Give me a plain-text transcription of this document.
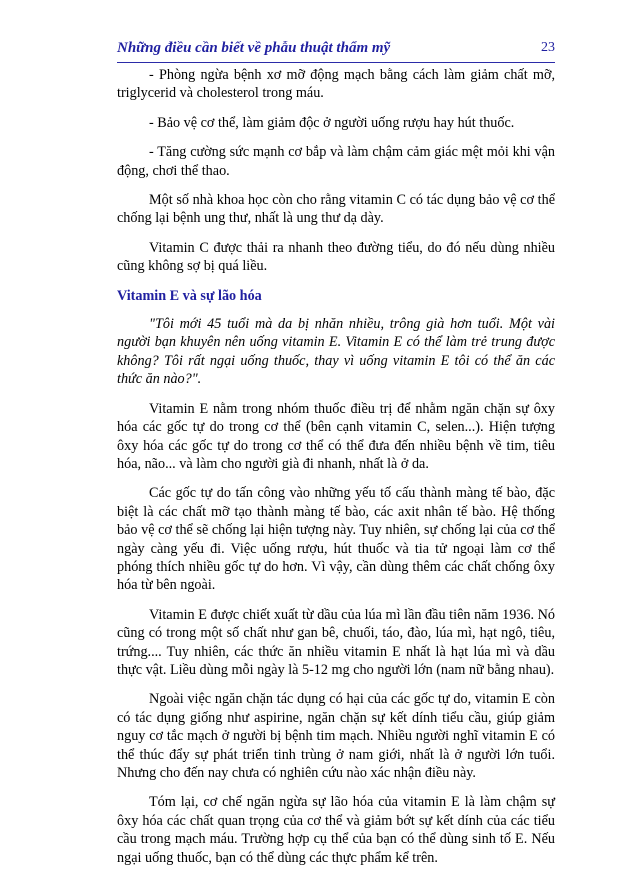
Những điều cần biết về phẫu thuật thẩm mỹ	23

- Phòng ngừa bệnh xơ mỡ động mạch bằng cách làm giảm chất mỡ, triglycerid và cholesterol trong máu.

- Bảo vệ cơ thể, làm giảm độc ở người uống rượu hay hút thuốc.

- Tăng cường sức mạnh cơ bắp và làm chậm cảm giác mệt mỏi khi vận động, chơi thể thao.

Một số nhà khoa học còn cho rằng vitamin C có tác dụng bảo vệ cơ thể chống lại bệnh ung thư, nhất là ung thư dạ dày.

Vitamin C được thải ra nhanh theo đường tiểu, do đó nếu dùng nhiều cũng không sợ bị quá liều.

Vitamin E và sự lão hóa

"Tôi mới 45 tuổi mà da bị nhăn nhiều, trông già hơn tuổi. Một vài người bạn khuyên nên uống vitamin E. Vitamin E có thể làm trẻ trung được không? Tôi rất ngại uống thuốc, thay vì uống vitamin E tôi có thể ăn các thức ăn nào?".

Vitamin E nằm trong nhóm thuốc điều trị để nhằm ngăn chặn sự ôxy hóa các gốc tự do trong cơ thể (bên cạnh vitamin C, selen...). Hiện tượng ôxy hóa các gốc tự do trong cơ thể có thể đưa đến nhiều bệnh về tim, tiêu hóa, não... và làm cho người già đi nhanh, nhất là ở da.

Các gốc tự do tấn công vào những yếu tố cấu thành màng tế bào, đặc biệt là các chất mỡ tạo thành màng tế bào, các axit nhân tế bào. Hệ thống bảo vệ cơ thể sẽ chống lại hiện tượng này. Tuy nhiên, sự chống lại của cơ thể ngày càng yếu đi. Việc uống rượu, hút thuốc và tia tử ngoại làm cơ thể phóng thích nhiều gốc tự do hơn. Vì vậy, cần dùng thêm các chất chống ôxy hóa từ bên ngoài.

Vitamin E được chiết xuất từ dầu của lúa mì lần đầu tiên năm 1936. Nó cũng có trong một số chất như gan bê, chuối, táo, đào, lúa mì, hạt ngô, tiêu, trứng.... Tuy nhiên, các thức ăn nhiều vitamin E nhất là hạt lúa mì và dầu thực vật. Liều dùng mỗi ngày là 5-12 mg cho người lớn (nam nữ bằng nhau).

Ngoài việc ngăn chặn tác dụng có hại của các gốc tự do, vitamin E còn có tác dụng giống như aspirine, ngăn chặn sự kết dính tiểu cầu, giúp giảm nguy cơ tắc mạch ở người bị bệnh tim mạch. Nhiều người nghĩ vitamin E có thể thúc đẩy sự phát triển tinh trùng ở nam giới, nhất là ở người lớn tuổi. Nhưng cho đến nay chưa có nghiên cứu nào xác nhận điều này.

Tóm lại, cơ chế ngăn ngừa sự lão hóa của vitamin E là làm chậm sự ôxy hóa các chất quan trọng của cơ thể và giảm bớt sự kết dính của các tiểu cầu trong mạch máu. Trường hợp cụ thể của bạn có thể dùng sinh tố E. Nếu ngại uống thuốc, bạn có thể dùng các thực phẩm kể trên.
